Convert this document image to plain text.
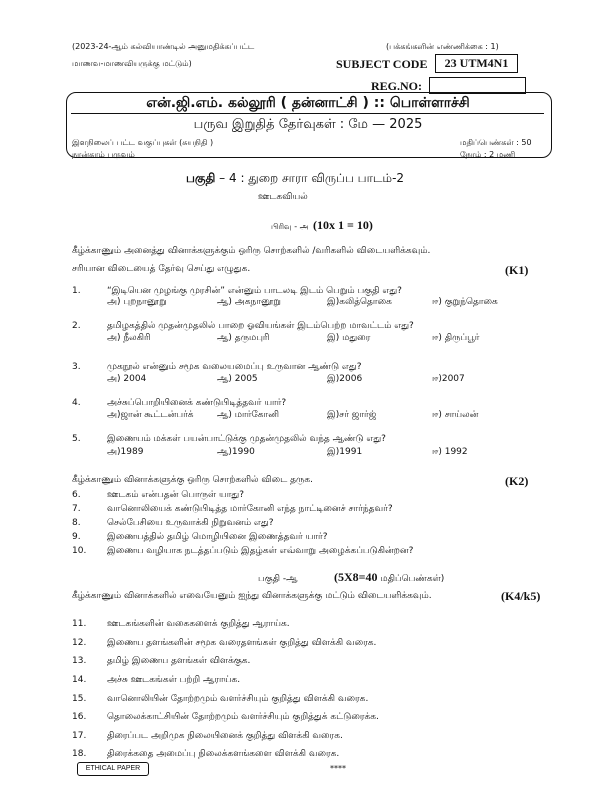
(2023-24-ஆம் கல்வியாண்டில் அனுமதிக்கப்பட்ட
மாணவ-மாணவியருக்கு மட்டும்)
(பக்கங்களின் எண்ணிக்கை : 1)
SUBJECT CODE	23 UTM4N1
REG.NO:
என்.ஜி.எம். கல்லூரி ( தன்னாட்சி ) :: பொள்ளாச்சி
பருவ இறுதித் தேர்வுகள் : மே — 2025
இளநிலைப் பட்ட வகுப்புகள் (சுயநிதி )	மதிப்பெண்கள் : 50
நான்காம் பருவம்	நேரம் : 2 மணி
பகுதி – 4 : துறை சாரா விருப்ப பாடம்-2
ஊடகவியல்
பிரிவு - அ (10x 1 = 10)
கீழ்க்காணும் அனைத்து வினாக்களுக்கும் ஒரிரு சொற்களில் /வரிகளில் விடையளிக்கவும்.
சரியான விடையைத் தேர்வு செய்து எழுதுக.	(K1)
1.	“இடியென முழங்கு முரசின்” என்னும் பாடலடி இடம் பெறும் பகுதி எது?
அ) புறநானூறு	ஆ) அகநானூறு	இ)கலித்தொகை	ஈ) குறுந்தொகை
2.	தமிழகத்தில் முதன்முதலில் பாறை ஓவியங்கள் இடம்பெற்ற மாவட்டம் எது?
அ) நீலகிரி	ஆ) தருமபுரி	இ) மதுரை	ஈ) திருப்பூர்
3.	முகநூல் என்னும் சமூக வலையமைப்பு உருவான ஆண்டு எது?
அ) 2004	ஆ) 2005	இ)2006	ஈ)2007
4.	அச்சுப்பொறியினைக் கண்டுபிடித்தவர் யார்?
அ)ஜான் கூட்டன்பர்க்	ஆ) மார்கோனி	இ)சர் ஜார்ஜ்	ஈ) சாய்லன்
5.	இணையம் மக்கள் பயன்பாட்டுக்கு முதன்முதலில் வந்த ஆண்டு எது?
அ)1989	ஆ)1990	இ)1991	ஈ) 1992
கீழ்க்காணும் வினாக்களுக்கு ஒரிரு சொற்களில் விடை தருக.	(K2)
6.	ஊடகம் என்பதன் பொருள் யாது?
7.	வானொலியைக் கண்டுபிடித்த மார்கோனி எந்த நாட்டினைச் சார்ந்தவர்?
8.	செல்பேசியை உருவாக்கி நிறுவனம் எது?
9.	இணையத்தில் தமிழ் மொழியினை இணைத்தவர் யார்?
10. இணைய வழியாக நடத்தப்படும் இதழ்கள் எவ்வாறு அழைக்கப்படுகின்றன?
பகுதி -ஆ	(5X8=40 மதிப்பெண்கள்)
கீழ்க்காணும் வினாக்களில் எவையேனும் ஐந்து வினாக்களுக்கு மட்டும் விடையளிக்கவும்.	(K4/k5)
11. ஊடகங்களின் வகைகளைக் குறித்து ஆராய்க.
12. இணைய தளங்களின் சமூக வரைதளங்கள் குறித்து விளக்கி வரைக.
13. தமிழ் இணைய தளங்கள் விளக்குக.
14. அச்சு ஊடகங்கள் பற்றி ஆராய்க.
15. வானொலியின் தோற்றமும் வளர்ச்சியும் குறித்து விளக்கி வரைக.
16. தொலைக்காட்சியின் தோற்றமும் வளர்ச்சியும் குறித்துக் கட்டுரைக்க.
17. திரைப்பட அறிமுக நிலையினைக் குறித்து விளக்கி வரைக.
18. திரைக்கதை அமைப்பு நிலைக்களங்களை விளக்கி வரைக.
ETHICAL PAPER	****
